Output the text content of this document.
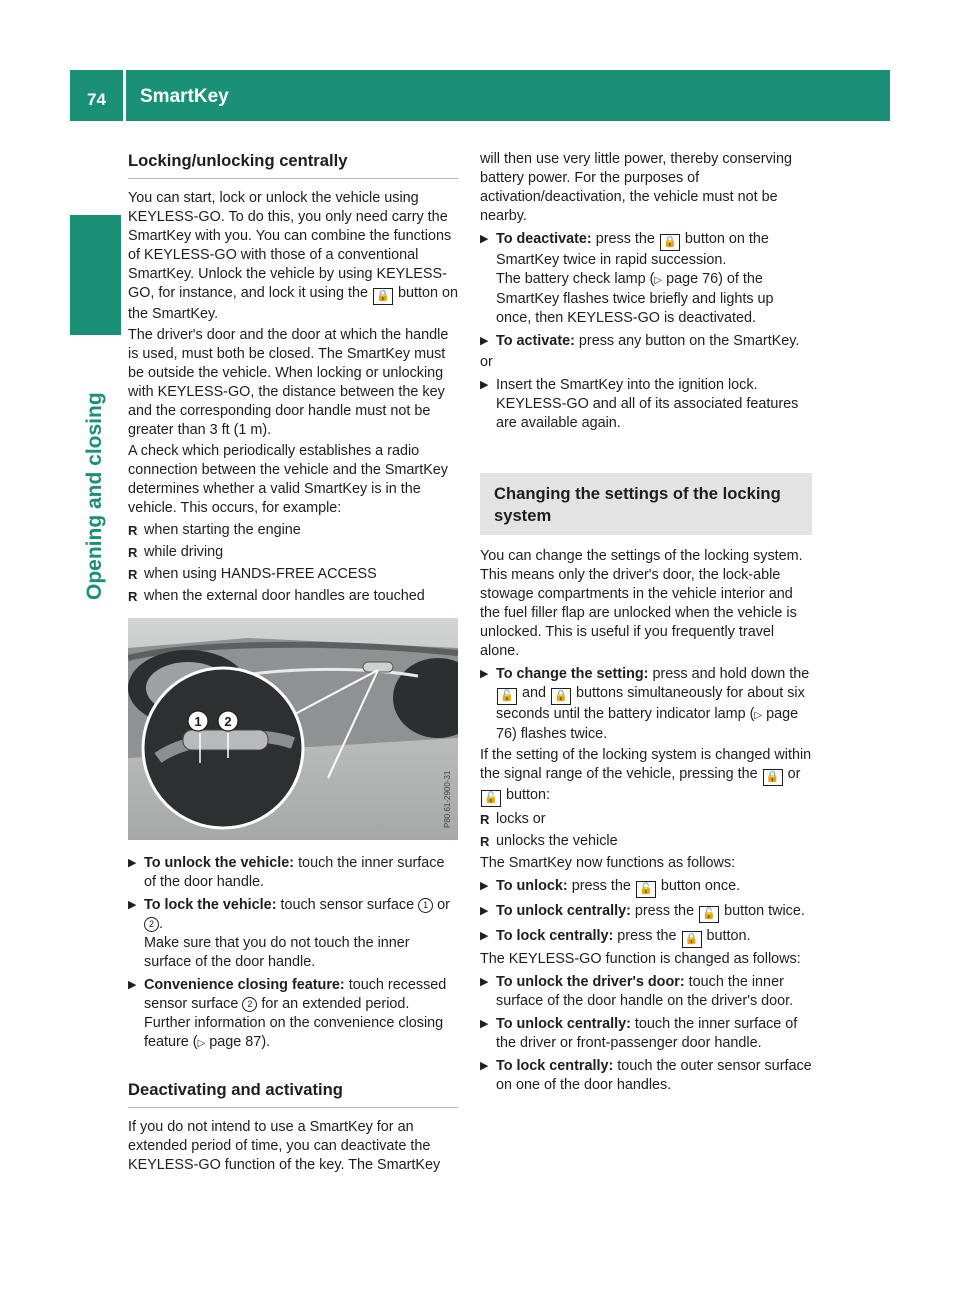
74 SmartKey
Opening and closing
Locking/unlocking centrally

You can start, lock or unlock the vehicle using KEYLESS-GO. To do this, you only need carry the SmartKey with you. You can combine the functions of KEYLESS-GO with those of a conventional SmartKey. Unlock the vehicle by using KEYLESS-GO, for instance, and lock it using the 🔒 button on the SmartKey.

The driver's door and the door at which the handle is used, must both be closed. The SmartKey must be outside the vehicle. When locking or unlocking with KEYLESS-GO, the distance between the key and the corresponding door handle must not be greater than 3 ft (1 m).

A check which periodically establishes a radio connection between the vehicle and the SmartKey determines whether a valid SmartKey is in the vehicle. This occurs, for example:

R when starting the engine
R while driving
R when using HANDS-FREE ACCESS
R when the external door handles are touched
1 2
P80.61-2900-31
▶ To unlock the vehicle: touch the inner surface of the door handle.
▶ To lock the vehicle: touch sensor surface 1 or 2 .
Make sure that you do not touch the inner surface of the door handle.
▶ Convenience closing feature: touch recessed sensor surface 2 for an extended period.
Further information on the convenience closing feature (▷ page 87).
Deactivating and activating

If you do not intend to use a SmartKey for an extended period of time, you can deactivate the KEYLESS-GO function of the key. The SmartKey

will then use very little power, thereby conserving battery power. For the purposes of activation/deactivation, the vehicle must not be nearby.

▶ To deactivate: press the 🔒 button on the SmartKey twice in rapid succession.
The battery check lamp (▷ page 76) of the SmartKey flashes twice briefly and lights up once, then KEYLESS-GO is deactivated.
▶ To activate: press any button on the SmartKey.

or

▶ Insert the SmartKey into the ignition lock. KEYLESS-GO and all of its associated features are available again.
Changing the settings of the locking system

You can change the settings of the locking system. This means only the driver's door, the lock-able stowage compartments in the vehicle interior and the fuel filler flap are unlocked when the vehicle is unlocked. This is useful if you frequently travel alone.

▶ To change the setting: press and hold down the 🔓 and 🔒 buttons simultaneously for about six seconds until the battery indicator lamp (▷ page 76) flashes twice.

If the setting of the locking system is changed within the signal range of the vehicle, pressing the 🔒 or 🔓 button:

R locks or
R unlocks the vehicle

The SmartKey now functions as follows:

▶ To unlock: press the 🔓 button once.
▶ To unlock centrally: press the 🔓 button twice.
▶ To lock centrally: press the 🔒 button.

The KEYLESS-GO function is changed as follows:

▶ To unlock the driver's door: touch the inner surface of the door handle on the driver's door.
▶ To unlock centrally: touch the inner surface of the driver or front-passenger door handle.
▶ To lock centrally: touch the outer sensor surface on one of the door handles.
